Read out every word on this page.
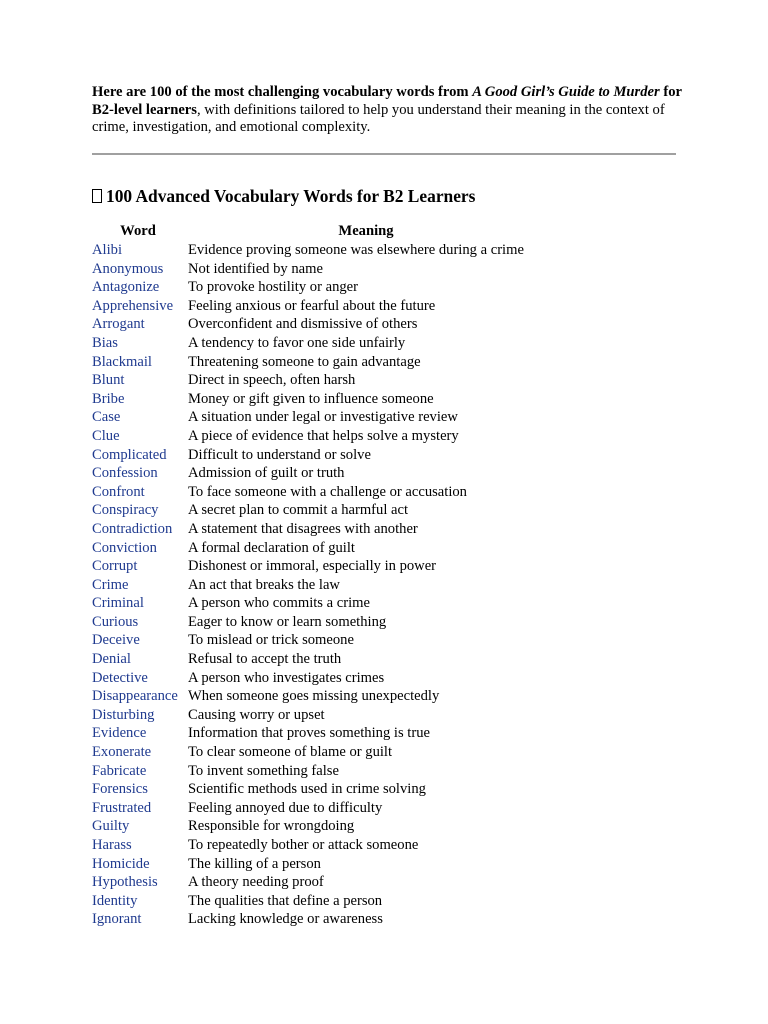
Here are 100 of the most challenging vocabulary words from A Good Girl’s Guide to Murder for B2-level learners, with definitions tailored to help you understand their meaning in the context of crime, investigation, and emotional complexity.

100 Advanced Vocabulary Words for B2 Learners
Word	Meaning
Alibi	Evidence proving someone was elsewhere during a crime
Anonymous	Not identified by name
Antagonize	To provoke hostility or anger
Apprehensive	Feeling anxious or fearful about the future
Arrogant	Overconfident and dismissive of others
Bias	A tendency to favor one side unfairly
Blackmail	Threatening someone to gain advantage
Blunt	Direct in speech, often harsh
Bribe	Money or gift given to influence someone
Case	A situation under legal or investigative review
Clue	A piece of evidence that helps solve a mystery
Complicated	Difficult to understand or solve
Confession	Admission of guilt or truth
Confront	To face someone with a challenge or accusation
Conspiracy	A secret plan to commit a harmful act
Contradiction	A statement that disagrees with another
Conviction	A formal declaration of guilt
Corrupt	Dishonest or immoral, especially in power
Crime	An act that breaks the law
Criminal	A person who commits a crime
Curious	Eager to know or learn something
Deceive	To mislead or trick someone
Denial	Refusal to accept the truth
Detective	A person who investigates crimes
Disappearance	When someone goes missing unexpectedly
Disturbing	Causing worry or upset
Evidence	Information that proves something is true
Exonerate	To clear someone of blame or guilt
Fabricate	To invent something false
Forensics	Scientific methods used in crime solving
Frustrated	Feeling annoyed due to difficulty
Guilty	Responsible for wrongdoing
Harass	To repeatedly bother or attack someone
Homicide	The killing of a person
Hypothesis	A theory needing proof
Identity	The qualities that define a person
Ignorant	Lacking knowledge or awareness
